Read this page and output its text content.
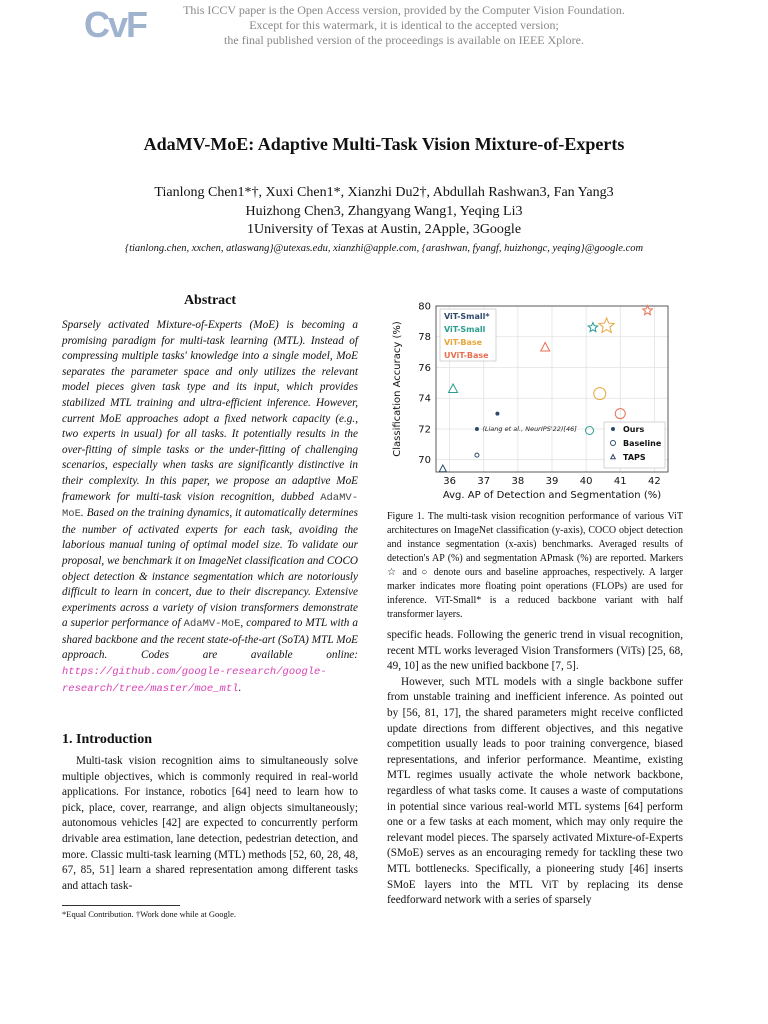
CvF	This ICCV paper is the Open Access version, provided by the Computer Vision Foundation.
Except for this watermark, it is identical to the accepted version;
the final published version of the proceedings is available on IEEE Xplore.
AdaMV-MoE: Adaptive Multi-Task Vision Mixture-of-Experts
Tianlong Chen1*†, Xuxi Chen1*, Xianzhi Du2†, Abdullah Rashwan3, Fan Yang3
Huizhong Chen3, Zhangyang Wang1, Yeqing Li3
1University of Texas at Austin, 2Apple, 3Google
{tianlong.chen, xxchen, atlaswang}@utexas.edu, xianzhi@apple.com, {arashwan, fyangf, huizhongc, yeqing}@google.com
Abstract
Sparsely activated Mixture-of-Experts (MoE) is becoming a promising paradigm for multi-task learning (MTL). Instead of compressing multiple tasks' knowledge into a single model, MoE separates the parameter space and only utilizes the relevant model pieces given task type and its input, which provides stabilized MTL training and ultra-efficient inference. However, current MoE approaches adopt a fixed network capacity (e.g., two experts in usual) for all tasks. It potentially results in the over-fitting of simple tasks or the under-fitting of challenging scenarios, especially when tasks are significantly distinctive in their complexity. In this paper, we propose an adaptive MoE framework for multi-task vision recognition, dubbed AdaMV-MoE. Based on the training dynamics, it automatically determines the number of activated experts for each task, avoiding the laborious manual tuning of optimal model size. To validate our proposal, we benchmark it on ImageNet classification and COCO object detection & instance segmentation which are notoriously difficult to learn in concert, due to their discrepancy. Extensive experiments across a variety of vision transformers demonstrate a superior performance of AdaMV-MoE, compared to MTL with a shared backbone and the recent state-of-the-art (SoTA) MTL MoE approach. Codes are available online: https://github.com/google-research/google-research/tree/master/moe_mtl.
1. Introduction
Multi-task vision recognition aims to simultaneously solve multiple objectives, which is commonly required in real-world applications. For instance, robotics [64] need to learn how to pick, place, cover, rearrange, and align objects simultaneously; autonomous vehicles [42] are expected to concurrently perform drivable area estimation, lane detection, pedestrian detection, and more. Classic multi-task learning (MTL) methods [52, 60, 28, 48, 67, 85, 51] learn a shared representation among different tasks and attach task-
*Equal Contribution. †Work done while at Google.
36 37 38 39 40 41 42
70
72
74
76
78
80
ViT-Small*
ViT-Small
ViT-Base
UViT-Base
Ours
Baseline
TAPS
(Liang et al., NeurIPS'22)[46]
Avg. AP of Detection and Segmentation (%)
Classification Accuracy (%)
Figure 1. The multi-task vision recognition performance of various ViT architectures on ImageNet classification (y-axis), COCO object detection and instance segmentation (x-axis) benchmarks. Averaged results of detection's AP (%) and segmentation APmask (%) are reported. Markers ☆ and ○ denote ours and baseline approaches, respectively. A larger marker indicates more floating point operations (FLOPs) are used for inference. ViT-Small* is a reduced backbone variant with half transformer layers.

specific heads. Following the generic trend in visual recognition, recent MTL works leveraged Vision Transformers (ViTs) [25, 68, 49, 10] as the new unified backbone [7, 5].

However, such MTL models with a single backbone suffer from unstable training and inefficient inference. As pointed out by [56, 81, 17], the shared parameters might receive conflicted update directions from different objectives, and this negative competition usually leads to poor training convergence, biased representations, and inferior performance. Meantime, existing MTL regimes usually activate the whole network backbone, regardless of what tasks come. It causes a waste of computations in potential since various real-world MTL systems [64] perform one or a few tasks at each moment, which may only require the relevant model pieces. The sparsely activated Mixture-of-Experts (SMoE) serves as an encouraging remedy for tackling these two MTL bottlenecks. Specifically, a pioneering study [46] inserts SMoE layers into the MTL ViT by replacing its dense feedforward network with a series of sparsely
